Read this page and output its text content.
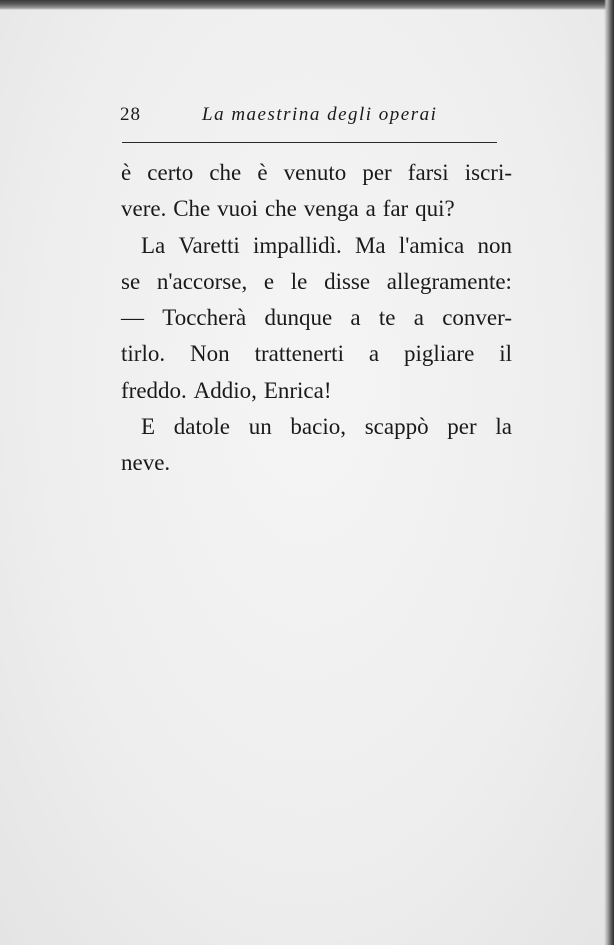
28	La maestrina degli operai
è certo che è venuto per farsi iscri-
vere. Che vuoi che venga a far qui?
La Varetti impallidì. Ma l'amica non
se n'accorse, e le disse allegramente:
— Toccherà dunque a te a conver-
tirlo. Non trattenerti a pigliare il
freddo. Addio, Enrica!
E datole un bacio, scappò per la
neve.
